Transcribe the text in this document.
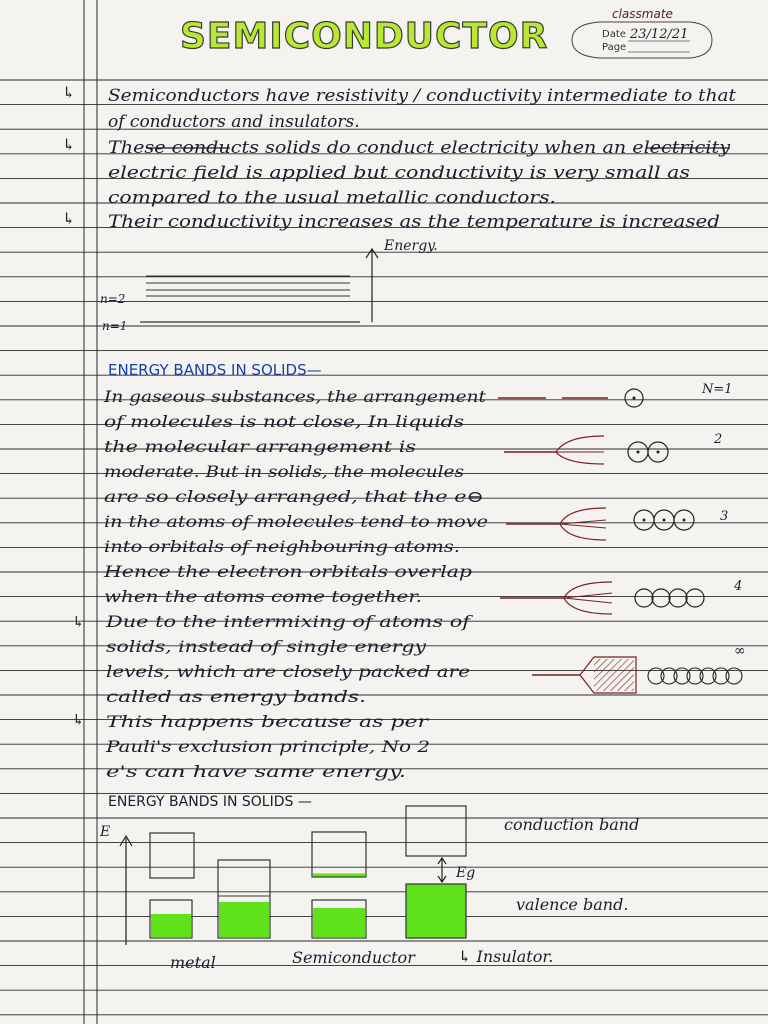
SEMICONDUCTOR
classmate
Date 23/12/21
Page
↳
↳
↳
Semiconductors have resistivity / conductivity intermediate to that
of conductors and insulators.
These conducts solids do conduct electricity when an electricity
electric field is applied but conductivity is very small as
compared to the usual metallic conductors.
Their conductivity increases as the temperature is increased
Energy.
n=2
n=1
ENERGY BANDS IN SOLIDS—
In gaseous substances, the arrangement
of molecules is not close, In liquids
the molecular arrangement is
moderate. But in solids, the molecules
are so closely arranged, that the e⊖
in the atoms of molecules tend to move
into orbitals of neighbouring atoms.
Hence the electron orbitals overlap
when the atoms come together.
Due to the intermixing of atoms of
solids, instead of single energy
levels, which are closely packed are
called as energy bands.
This happens because as per
Pauli's exclusion principle, No 2
e's can have same energy.
↳
↳
N=1
2
3
4
∞
ENERGY BANDS IN SOLIDS —
E
Eg
conduction band
valence band.
metal	Semiconductor	↳ Insulator.
